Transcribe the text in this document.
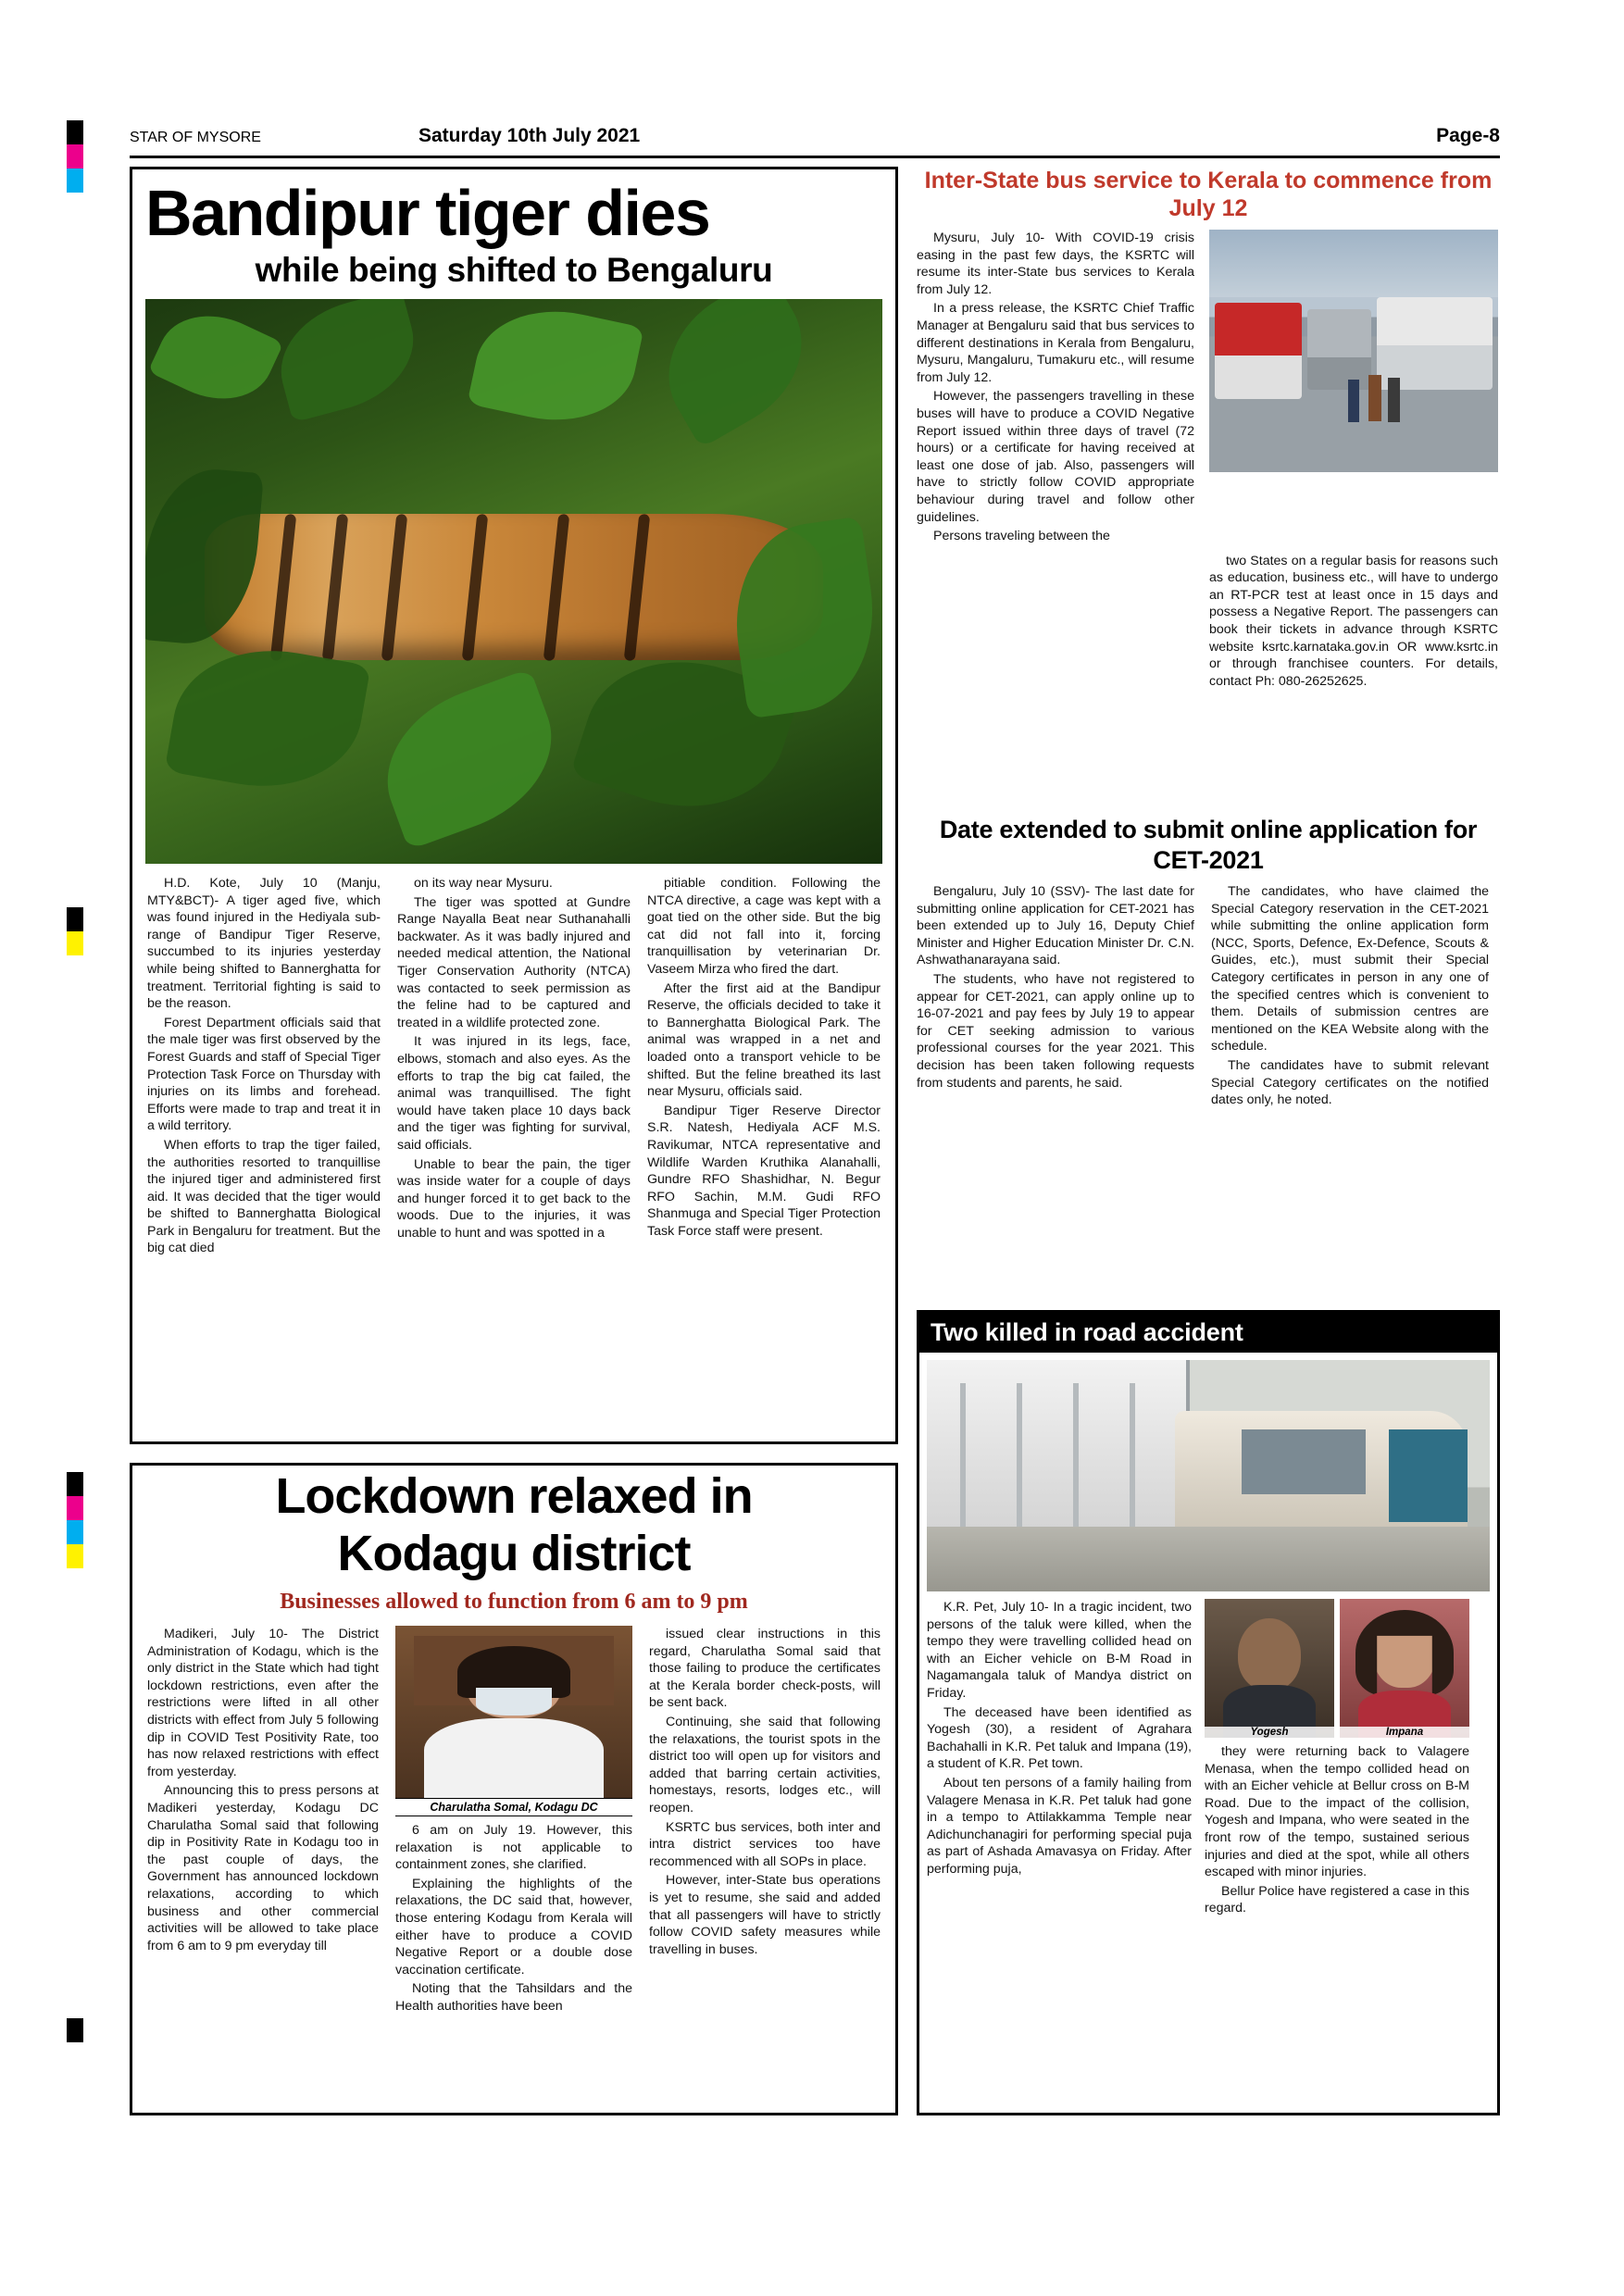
STAR OF MYSORE	Saturday 10th July 2021	Page-8
Bandipur tiger dies
while being shifted to Bengaluru

H.D. Kote, July 10 (Manju, MTY&BCT)- A tiger aged five, which was found injured in the Hediyala sub-range of Bandipur Tiger Reserve, succumbed to its injuries yesterday while being shifted to Bannerghatta for treatment. Territorial fighting is said to be the reason.

Forest Department officials said that the male tiger was first observed by the Forest Guards and staff of Special Tiger Protection Task Force on Thursday with injuries on its limbs and forehead. Efforts were made to trap and treat it in a wild territory.

When efforts to trap the tiger failed, the authorities resorted to tranquillise the injured tiger and administered first aid. It was decided that the tiger would be shifted to Bannerghatta Biological Park in Bengaluru for treatment. But the big cat died

on its way near Mysuru.

The tiger was spotted at Gundre Range Nayalla Beat near Suthanahalli backwater. As it was badly injured and needed medical attention, the National Tiger Conservation Authority (NTCA) was contacted to seek permission as the feline had to be captured and treated in a wildlife protected zone.

It was injured in its legs, face, elbows, stomach and also eyes. As the efforts to trap the big cat failed, the animal was tranquillised. The fight would have taken place 10 days back and the tiger was fighting for survival, said officials.

Unable to bear the pain, the tiger was inside water for a couple of days and hunger forced it to get back to the woods. Due to the injuries, it was unable to hunt and was spotted in a

pitiable condition. Following the NTCA directive, a cage was kept with a goat tied on the other side. But the big cat did not fall into it, forcing tranquillisation by veterinarian Dr. Vaseem Mirza who fired the dart.

After the first aid at the Bandipur Reserve, the officials decided to take it to Bannerghatta Biological Park. The animal was wrapped in a net and loaded onto a transport vehicle to be shifted. But the feline breathed its last near Mysuru, officials said.

Bandipur Tiger Reserve Director S.R. Natesh, Hediyala ACF M.S. Ravikumar, NTCA representative and Wildlife Warden Kruthika Alanahalli, Gundre RFO Shashidhar, N. Begur RFO Sachin, M.M. Gudi RFO Shanmuga and Special Tiger Protection Task Force staff were present.

Inter-State bus service to Kerala to commence from July 12

Mysuru, July 10- With COVID-19 crisis easing in the past few days, the KSRTC will resume its inter-State bus services to Kerala from July 12.

In a press release, the KSRTC Chief Traffic Manager at Bengaluru said that bus services to different destinations in Kerala from Bengaluru, Mysuru, Mangaluru, Tumakuru etc., will resume from July 12.

However, the passengers travelling in these buses will have to produce a COVID Negative Report issued within three days of travel (72 hours) or a certificate for having received at least one dose of jab. Also, passengers will have to strictly follow COVID appropriate behaviour during travel and follow other guidelines.

Persons traveling between the

two States on a regular basis for reasons such as education, business etc., will have to undergo an RT-PCR test at least once in 15 days and possess a Negative Report. The passengers can book their tickets in advance through KSRTC website ksrtc.karnataka.gov.in OR www.ksrtc.in or through franchisee counters. For details, contact Ph: 080-26252625.

Date extended to submit online application for CET-2021

Bengaluru, July 10 (SSV)- The last date for submitting online application for CET-2021 has been extended up to July 16, Deputy Chief Minister and Higher Education Minister Dr. C.N. Ashwathanarayana said.

The students, who have not registered to appear for CET-2021, can apply online up to 16-07-2021 and pay fees by July 19 to appear for CET seeking admission to various professional courses for the year 2021. This decision has been taken following requests from students and parents, he said.

The candidates, who have claimed the Special Category reservation in the CET-2021 while submitting the online application form (NCC, Sports, Defence, Ex-Defence, Scouts & Guides, etc.), must submit their Special Category certificates in person in any one of the specified centres which is convenient to them. Details of submission centres are mentioned on the KEA Website along with the schedule.

The candidates have to submit relevant Special Category certificates on the notified dates only, he noted.

Two killed in road accident

K.R. Pet, July 10- In a tragic incident, two persons of the taluk were killed, when the tempo they were travelling collided head on with an Eicher vehicle on B-M Road in Nagamangala taluk of Mandya district on Friday.

The deceased have been identified as Yogesh (30), a resident of Agrahara Bachahalli in K.R. Pet taluk and Impana (19), a student of K.R. Pet town.

About ten persons of a family hailing from Valagere Menasa in K.R. Pet taluk had gone in a tempo to Attilakkamma Temple near Adichunchanagiri for performing special puja as part of Ashada Amavasya on Friday. After performing puja,

Yogesh	Impana

they were returning back to Valagere Menasa, when the tempo collided head on with an Eicher vehicle at Bellur cross on B-M Road. Due to the impact of the collision, Yogesh and Impana, who were seated in the front row of the tempo, sustained serious injuries and died at the spot, while all others escaped with minor injuries.

Bellur Police have registered a case in this regard.

Lockdown relaxed in
Kodagu district
Businesses allowed to function from 6 am to 9 pm

Madikeri, July 10- The District Administration of Kodagu, which is the only district in the State which had tight lockdown restrictions, even after the restrictions were lifted in all other districts with effect from July 5 following dip in COVID Test Positivity Rate, too has now relaxed restrictions with effect from yesterday.

Announcing this to press persons at Madikeri yesterday, Kodagu DC Charulatha Somal said that following dip in Positivity Rate in Kodagu too in the past couple of days, the Government has announced lockdown relaxations, according to which business and other commercial activities will be allowed to take place from 6 am to 9 pm everyday till

Charulatha Somal, Kodagu DC

6 am on July 19. However, this relaxation is not applicable to containment zones, she clarified.

Explaining the highlights of the relaxations, the DC said that, however, those entering Kodagu from Kerala will either have to produce a COVID Negative Report or a double dose vaccination certificate.

Noting that the Tahsildars and the Health authorities have been

issued clear instructions in this regard, Charulatha Somal said that those failing to produce the certificates at the Kerala border check-posts, will be sent back.

Continuing, she said that following the relaxations, the tourist spots in the district too will open up for visitors and added that barring certain activities, homestays, resorts, lodges etc., will reopen.

KSRTC bus services, both inter and intra district services too have recommenced with all SOPs in place.

However, inter-State bus operations is yet to resume, she said and added that all passengers will have to strictly follow COVID safety measures while travelling in buses.
